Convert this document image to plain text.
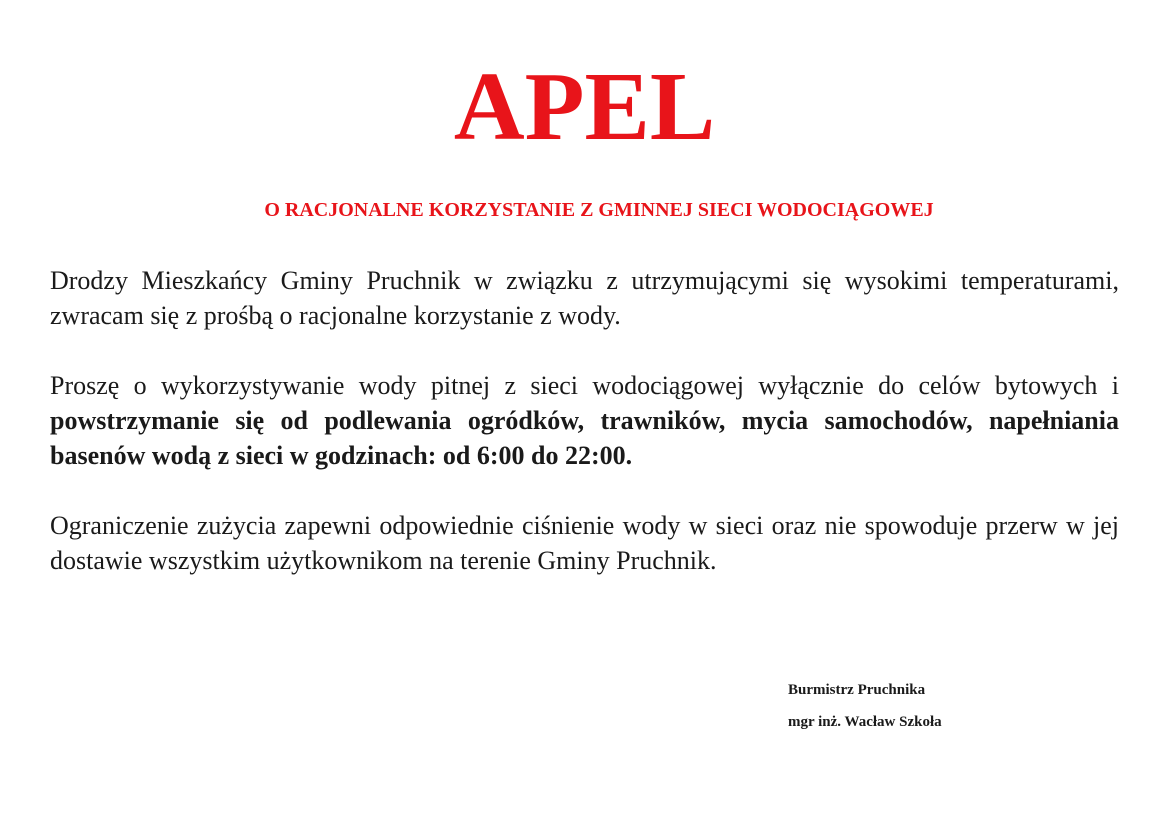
APEL
O RACJONALNE KORZYSTANIE Z GMINNEJ SIECI WODOCIĄGOWEJ

Drodzy Mieszkańcy Gminy Pruchnik w związku z utrzymującymi się wysokimi temperaturami, zwracam się z prośbą o racjonalne korzystanie z wody.

Proszę o wykorzystywanie wody pitnej z sieci wodociągowej wyłącznie do celów bytowych i powstrzymanie się od podlewania ogródków, trawników, mycia samochodów, napełniania basenów wodą z sieci w godzinach: od 6:00 do 22:00.

Ograniczenie zużycia zapewni odpowiednie ciśnienie wody w sieci oraz nie spowoduje przerw w jej dostawie wszystkim użytkownikom na terenie Gminy Pruchnik.

Burmistrz Pruchnika
mgr inż. Wacław Szkoła
